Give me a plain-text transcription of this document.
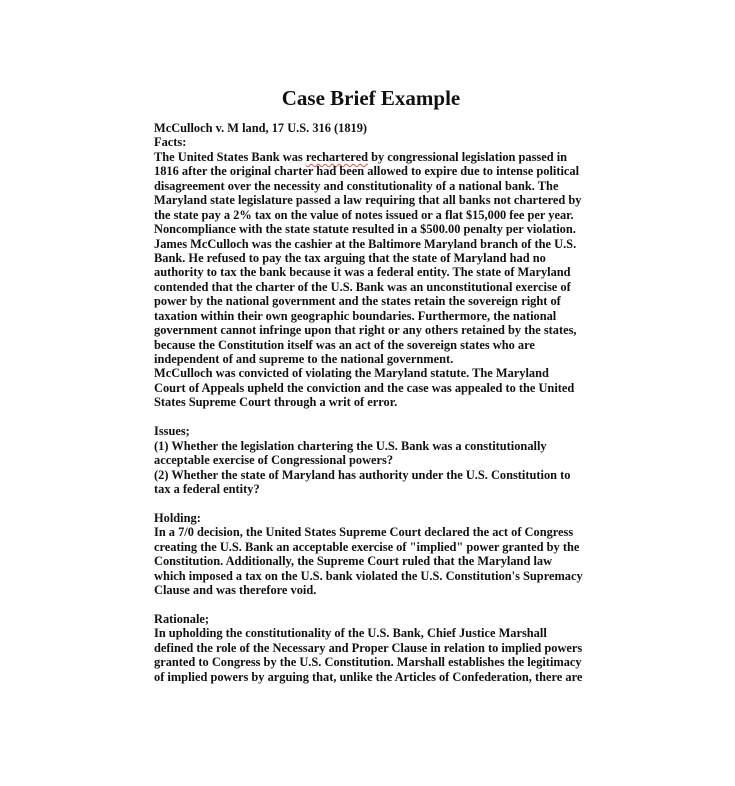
Case Brief Example
McCulloch v. M land, 17 U.S. 316 (1819)
Facts:
The United States Bank was rechartered by congressional legislation passed in
1816 after the original charter had been allowed to expire due to intense political
disagreement over the necessity and constitutionality of a national bank. The
Maryland state legislature passed a law requiring that all banks not chartered by
the state pay a 2% tax on the value of notes issued or a flat $15,000 fee per year.
Noncompliance with the state statute resulted in a $500.00 penalty per violation.
James McCulloch was the cashier at the Baltimore Maryland branch of the U.S.
Bank. He refused to pay the tax arguing that the state of Maryland had no
authority to tax the bank because it was a federal entity. The state of Maryland
contended that the charter of the U.S. Bank was an unconstitutional exercise of
power by the national government and the states retain the sovereign right of
taxation within their own geographic boundaries. Furthermore, the national
government cannot infringe upon that right or any others retained by the states,
because the Constitution itself was an act of the sovereign states who are
independent of and supreme to the national government.
McCulloch was convicted of violating the Maryland statute. The Maryland
Court of Appeals upheld the conviction and the case was appealed to the United
States Supreme Court through a writ of error.
Issues;
(1) Whether the legislation chartering the U.S. Bank was a constitutionally
acceptable exercise of Congressional powers?
(2) Whether the state of Maryland has authority under the U.S. Constitution to
tax a federal entity?
Holding:
In a 7/0 decision, the United States Supreme Court declared the act of Congress
creating the U.S. Bank an acceptable exercise of "implied" power granted by the
Constitution. Additionally, the Supreme Court ruled that the Maryland law
which imposed a tax on the U.S. bank violated the U.S. Constitution's Supremacy
Clause and was therefore void.
Rationale;
In upholding the constitutionality of the U.S. Bank, Chief Justice Marshall
defined the role of the Necessary and Proper Clause in relation to implied powers
granted to Congress by the U.S. Constitution. Marshall establishes the legitimacy
of implied powers by arguing that, unlike the Articles of Confederation, there are
